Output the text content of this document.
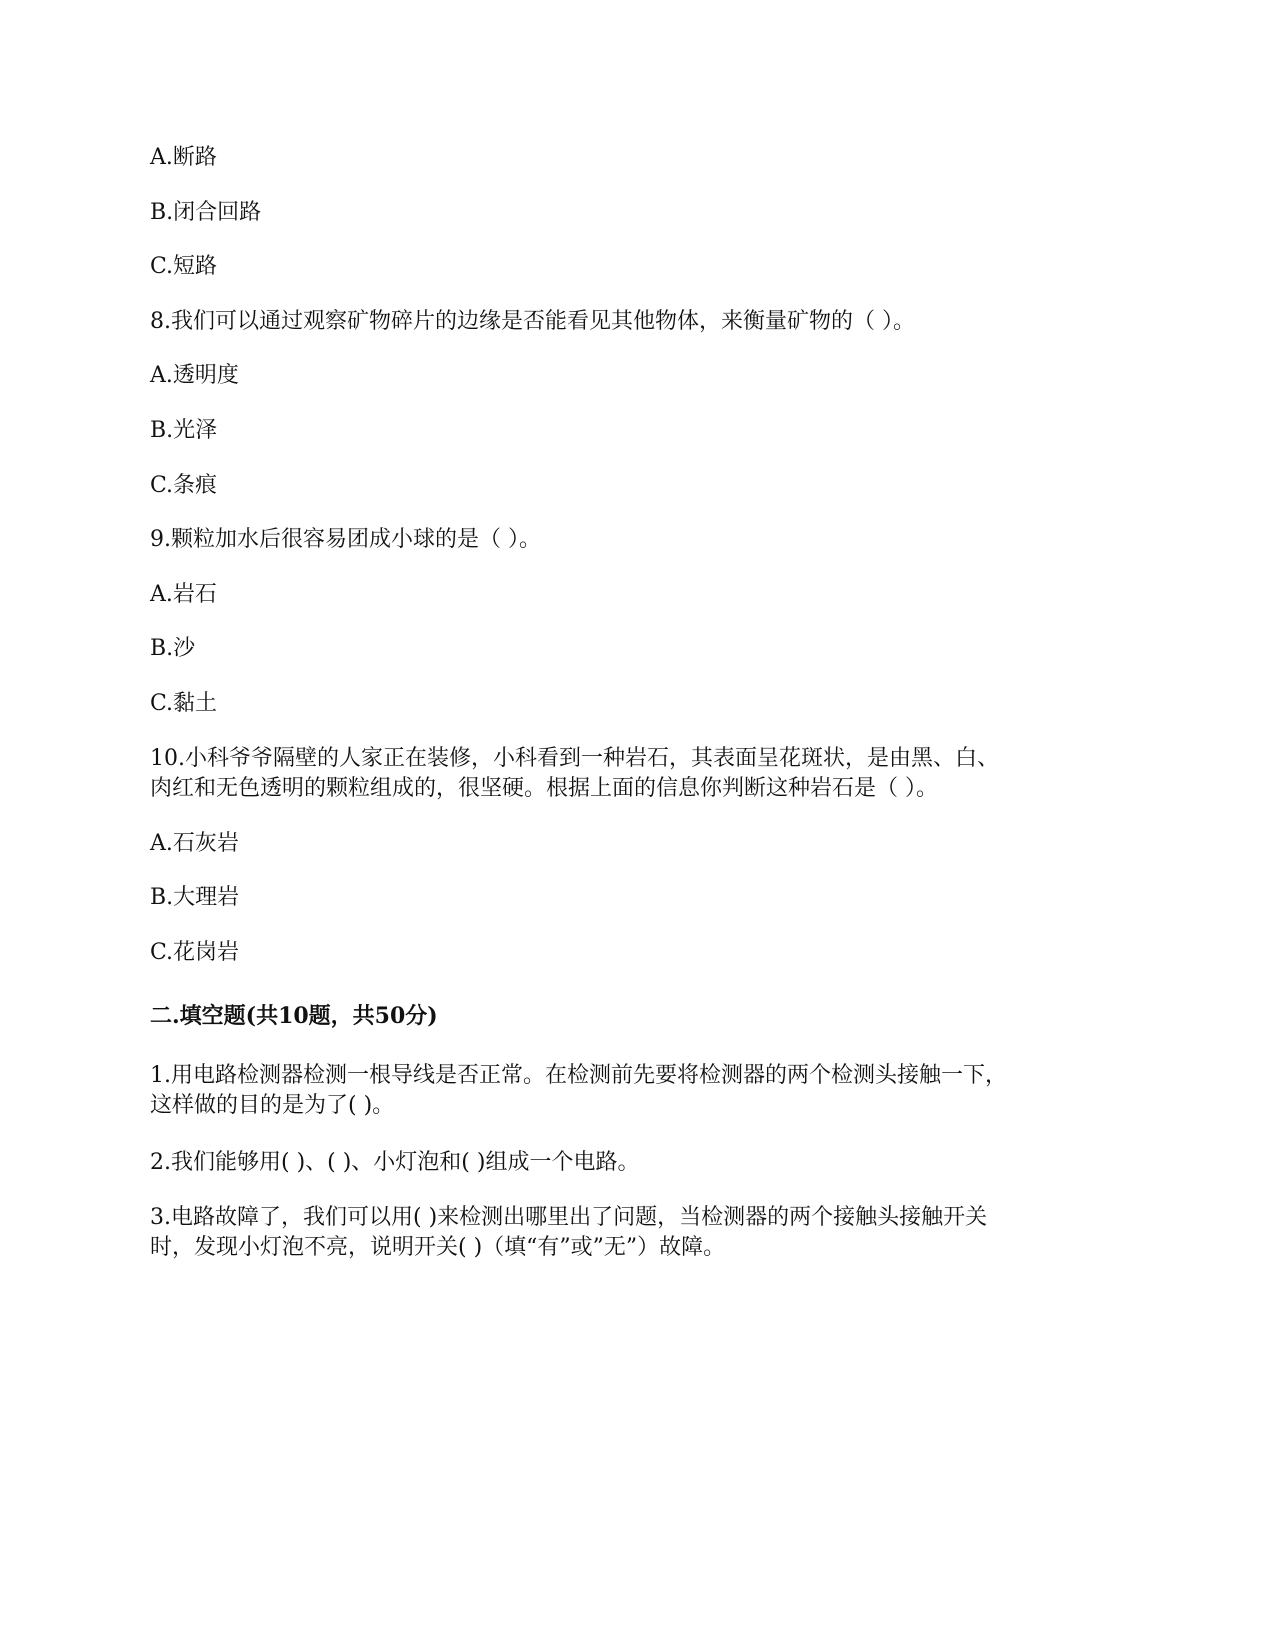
A.断路
B.闭合回路
C.短路
8.我们可以通过观察矿物碎片的边缘是否能看见其他物体，来衡量矿物的（ ）。
A.透明度
B.光泽
C.条痕
9.颗粒加水后很容易团成小球的是（ ）。
A.岩石
B.沙
C.黏土
10.小科爷爷隔壁的人家正在装修，小科看到一种岩石，其表面呈花斑状，是由黑、白、
肉红和无色透明的颗粒组成的，很坚硬。根据上面的信息你判断这种岩石是（ ）。
A.石灰岩
B.大理岩
C.花岗岩
二.填空题(共10题，共50分)
1.用电路检测器检测一根导线是否正常。在检测前先要将检测器的两个检测头接触一下，
这样做的目的是为了( )。
2.我们能够用( )、( )、小灯泡和( )组成一个电路。
3.电路故障了，我们可以用( )来检测出哪里出了问题，当检测器的两个接触头接触开关
时，发现小灯泡不亮，说明开关( )（填“有”或”无”）故障。
